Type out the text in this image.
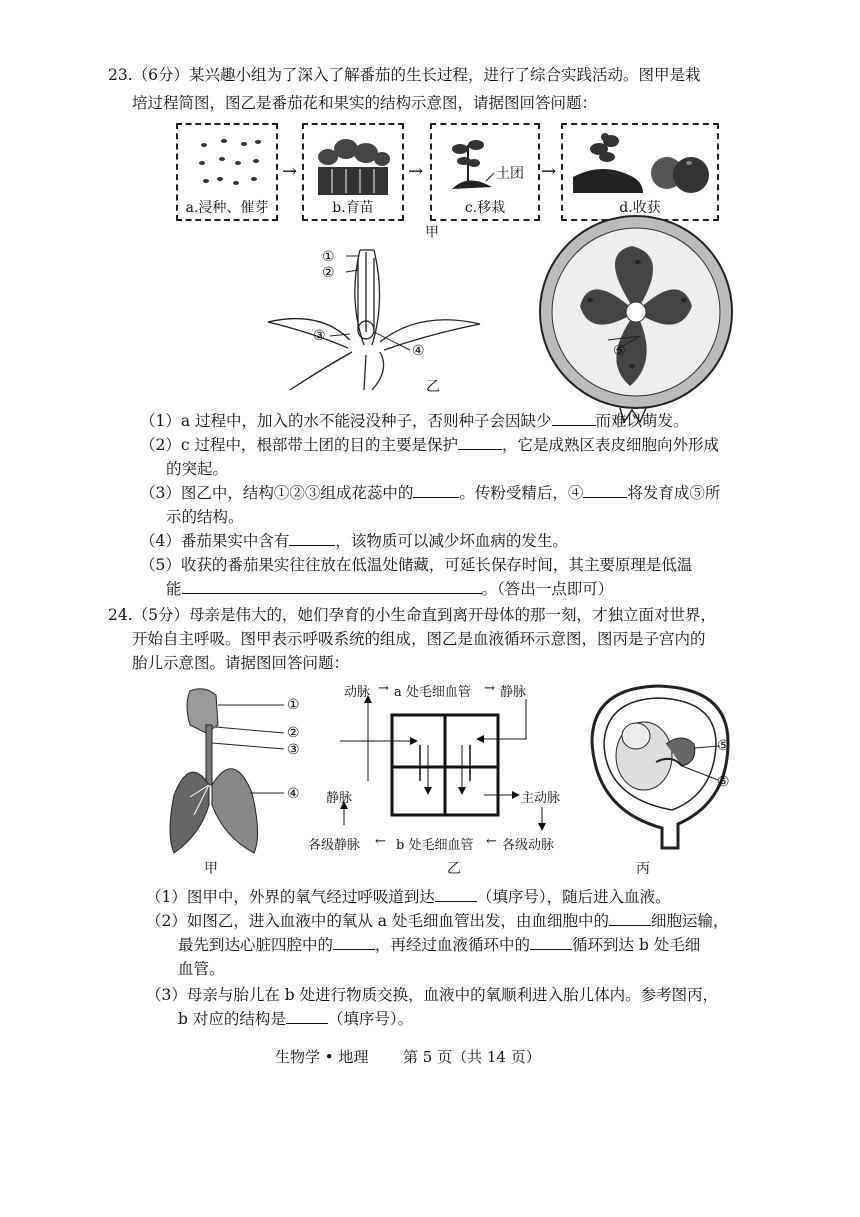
23.（6分）某兴趣小组为了深入了解番茄的生长过程，进行了综合实践活动。图甲是栽
培过程简图，图乙是番茄花和果实的结构示意图，请据图回答问题：
a.浸种、催芽
→
b.育苗
→	土团
c.移栽
→
d.收获
甲
①
②
③
④	⑤
乙
（1）a 过程中，加入的水不能浸没种子，否则种子会因缺少	而难以萌发。
（2）c 过程中，根部带土团的目的主要是保护	，它是成熟区表皮细胞向外形成
的突起。
（3）图乙中，结构①②③组成花蕊中的	。传粉受精后，④	将发育成⑤所
示的结构。
（4）番茄果实中含有	，该物质可以减少坏血病的发生。
（5）收获的番茄果实往往放在低温处储藏，可延长保存时间，其主要原理是低温
能	。（答出一点即可）
24.（5分）母亲是伟大的，她们孕育的小生命直到离开母体的那一刻，才独立面对世界，
开始自主呼吸。图甲表示呼吸系统的组成，图乙是血液循环示意图，图丙是子宫内的
胎儿示意图。请据图回答问题：
①
②
③
④
甲
动脉 → a 处毛细血管 → 静脉
静脉	主动脉
各级静脉 ← b 处毛细血管 ← 各级动脉
乙
⑤
⑥
丙
（1）图甲中，外界的氧气经过呼吸道到达	（填序号），随后进入血液。
（2）如图乙，进入血液中的氧从 a 处毛细血管出发，由血细胞中的	细胞运输，
最先到达心脏四腔中的	，再经过血液循环中的	循环到达 b 处毛细
血管。
（3）母亲与胎儿在 b 处进行物质交换，血液中的氧顺利进入胎儿体内。参考图丙，
b 对应的结构是	（填序号）。
生物学 • 地理 第 5 页（共 14 页）
